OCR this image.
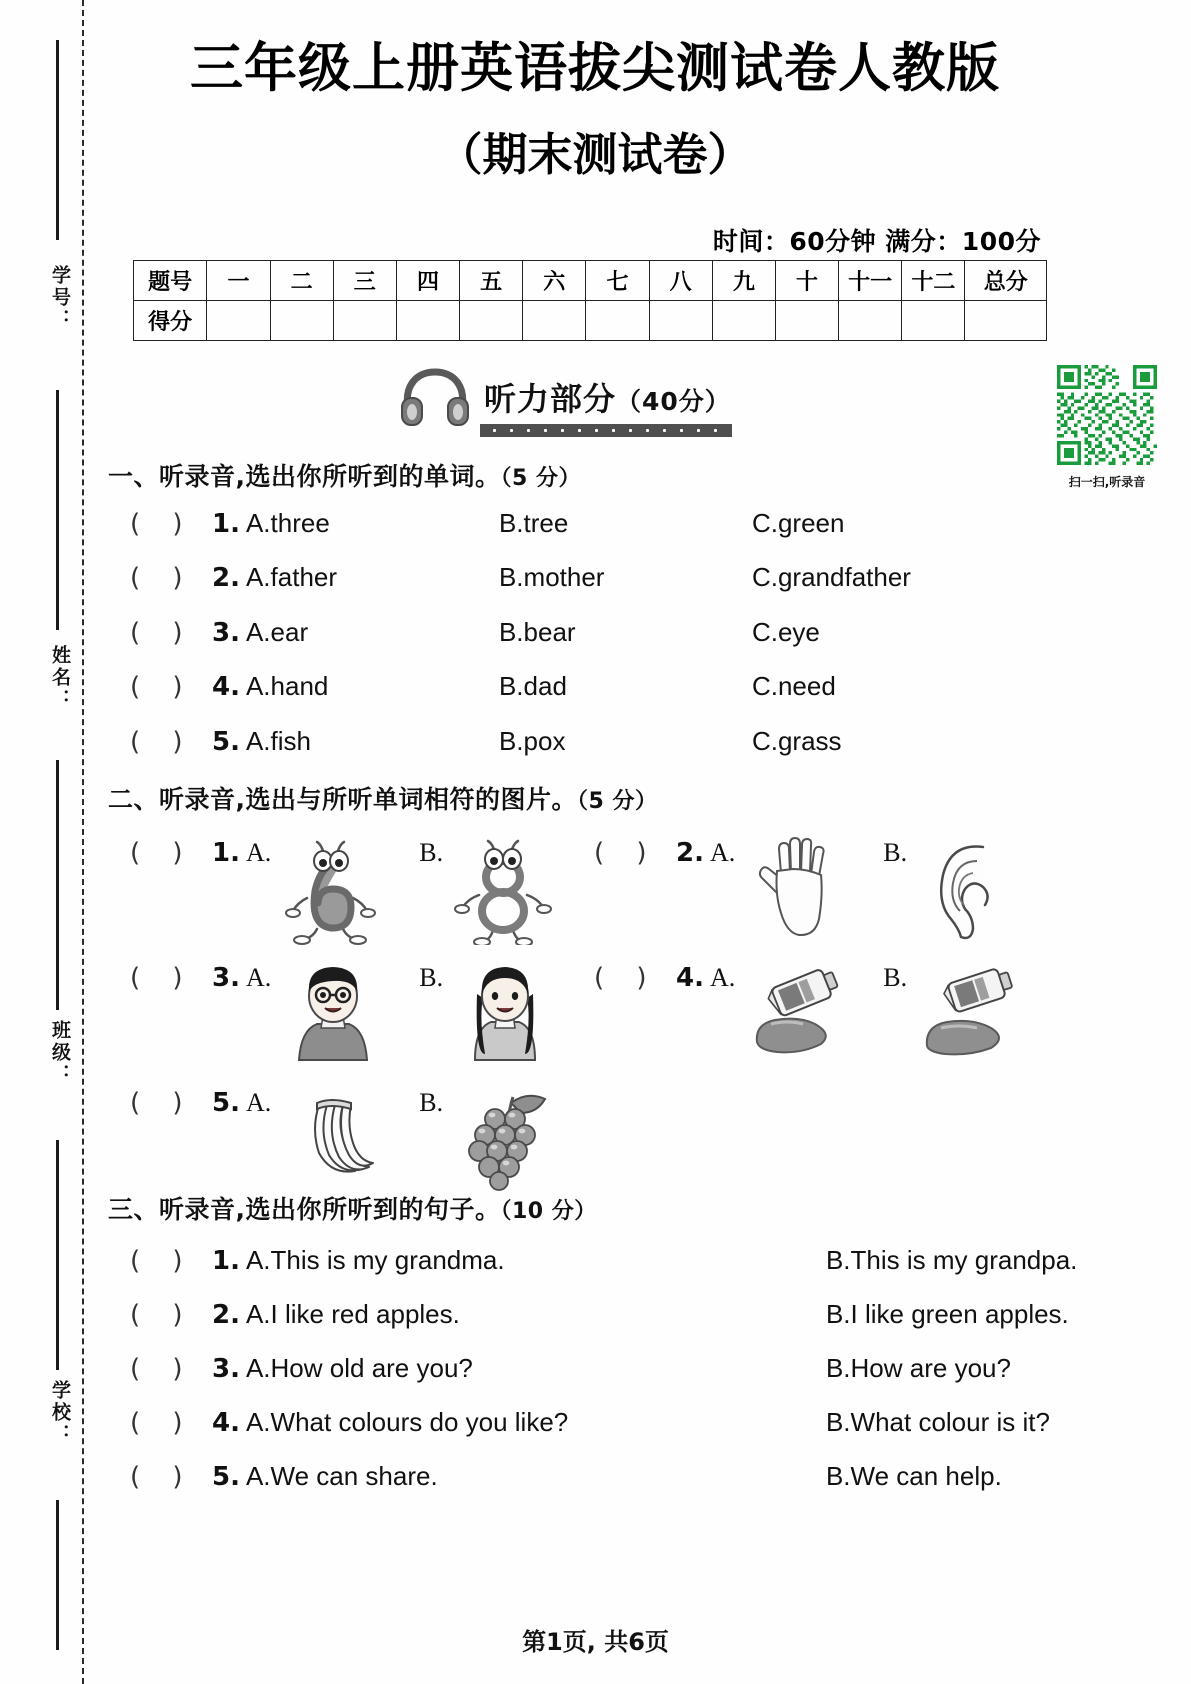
学号：
姓名：
班级：
学校：
三年级上册英语拔尖测试卷人教版
（期末测试卷）
时间：60分钟 满分：100分
题号	一	二	三	四	五	六	七	八	九	十	十一	十二	总分
得分													
听力部分（40分）
扫一扫,听录音
一、听录音,选出你所听到的单词。（5 分）
( ) 1. A.three	B.tree	C.green
( ) 2. A.father	B.mother	C.grandfather
( ) 3. A.ear	B.bear	C.eye
( ) 4. A.hand	B.dad	C.need
( ) 5. A.fish	B.pox	C.grass
二、听录音,选出与所听单词相符的图片。（5 分）
( ) 1. A.	B.	( ) 2. A.	B.
( ) 3. A.	B.	( ) 4. A.	B.
( ) 5. A.	B.
三、听录音,选出你所听到的句子。（10 分）
( ) 1. A.This is my grandma.	B.This is my grandpa.
( ) 2. A.I like red apples.	B.I like green apples.
( ) 3. A.How old are you?	B.How are you?
( ) 4. A.What colours do you like?	B.What colour is it?
( ) 5. A.We can share.	B.We can help.
第1页, 共6页
